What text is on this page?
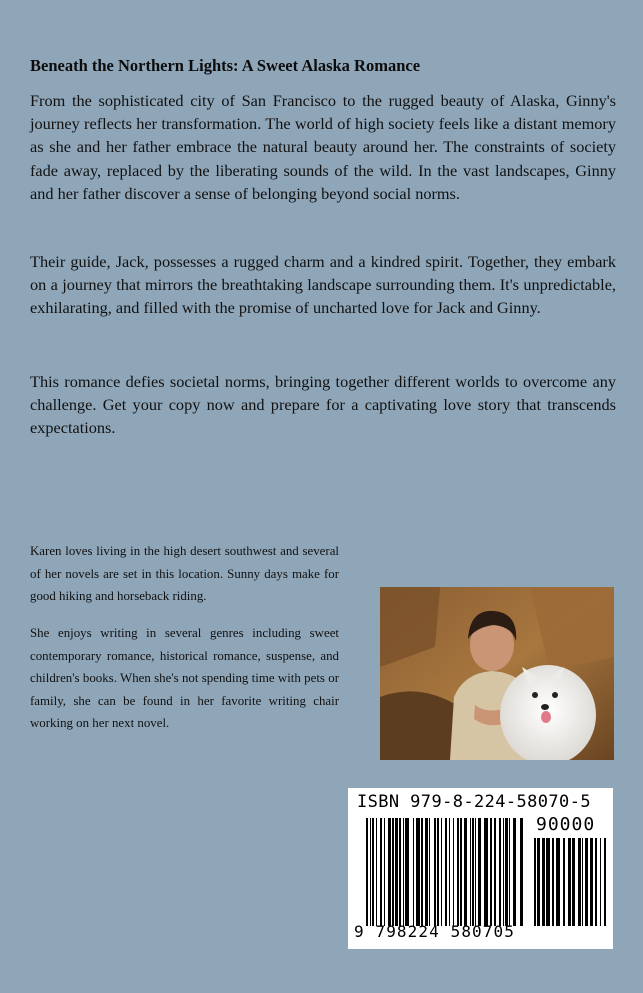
Beneath the Northern Lights: A Sweet Alaska Romance
From the sophisticated city of San Francisco to the rugged beauty of Alaska, Ginny's journey reflects her transformation. The world of high society feels like a distant memory as she and her father embrace the natural beauty around her. The constraints of society fade away, replaced by the liberating sounds of the wild. In the vast landscapes, Ginny and her father discover a sense of belonging beyond social norms.
Their guide, Jack, possesses a rugged charm and a kindred spirit. Together, they embark on a journey that mirrors the breathtaking landscape surrounding them. It's unpredictable, exhilarating, and filled with the promise of uncharted love for Jack and Ginny.
This romance defies societal norms, bringing together different worlds to overcome any challenge. Get your copy now and prepare for a captivating love story that transcends expectations.
Karen loves living in the high desert southwest and several of her novels are set in this location. Sunny days make for good hiking and horseback riding.
She enjoys writing in several genres including sweet contemporary romance, historical romance, suspense, and children's books. When she's not spending time with pets or family, she can be found in her favorite writing chair working on her next novel.
ISBN 979-8-224-58070-5
90000
9 798224 580705
